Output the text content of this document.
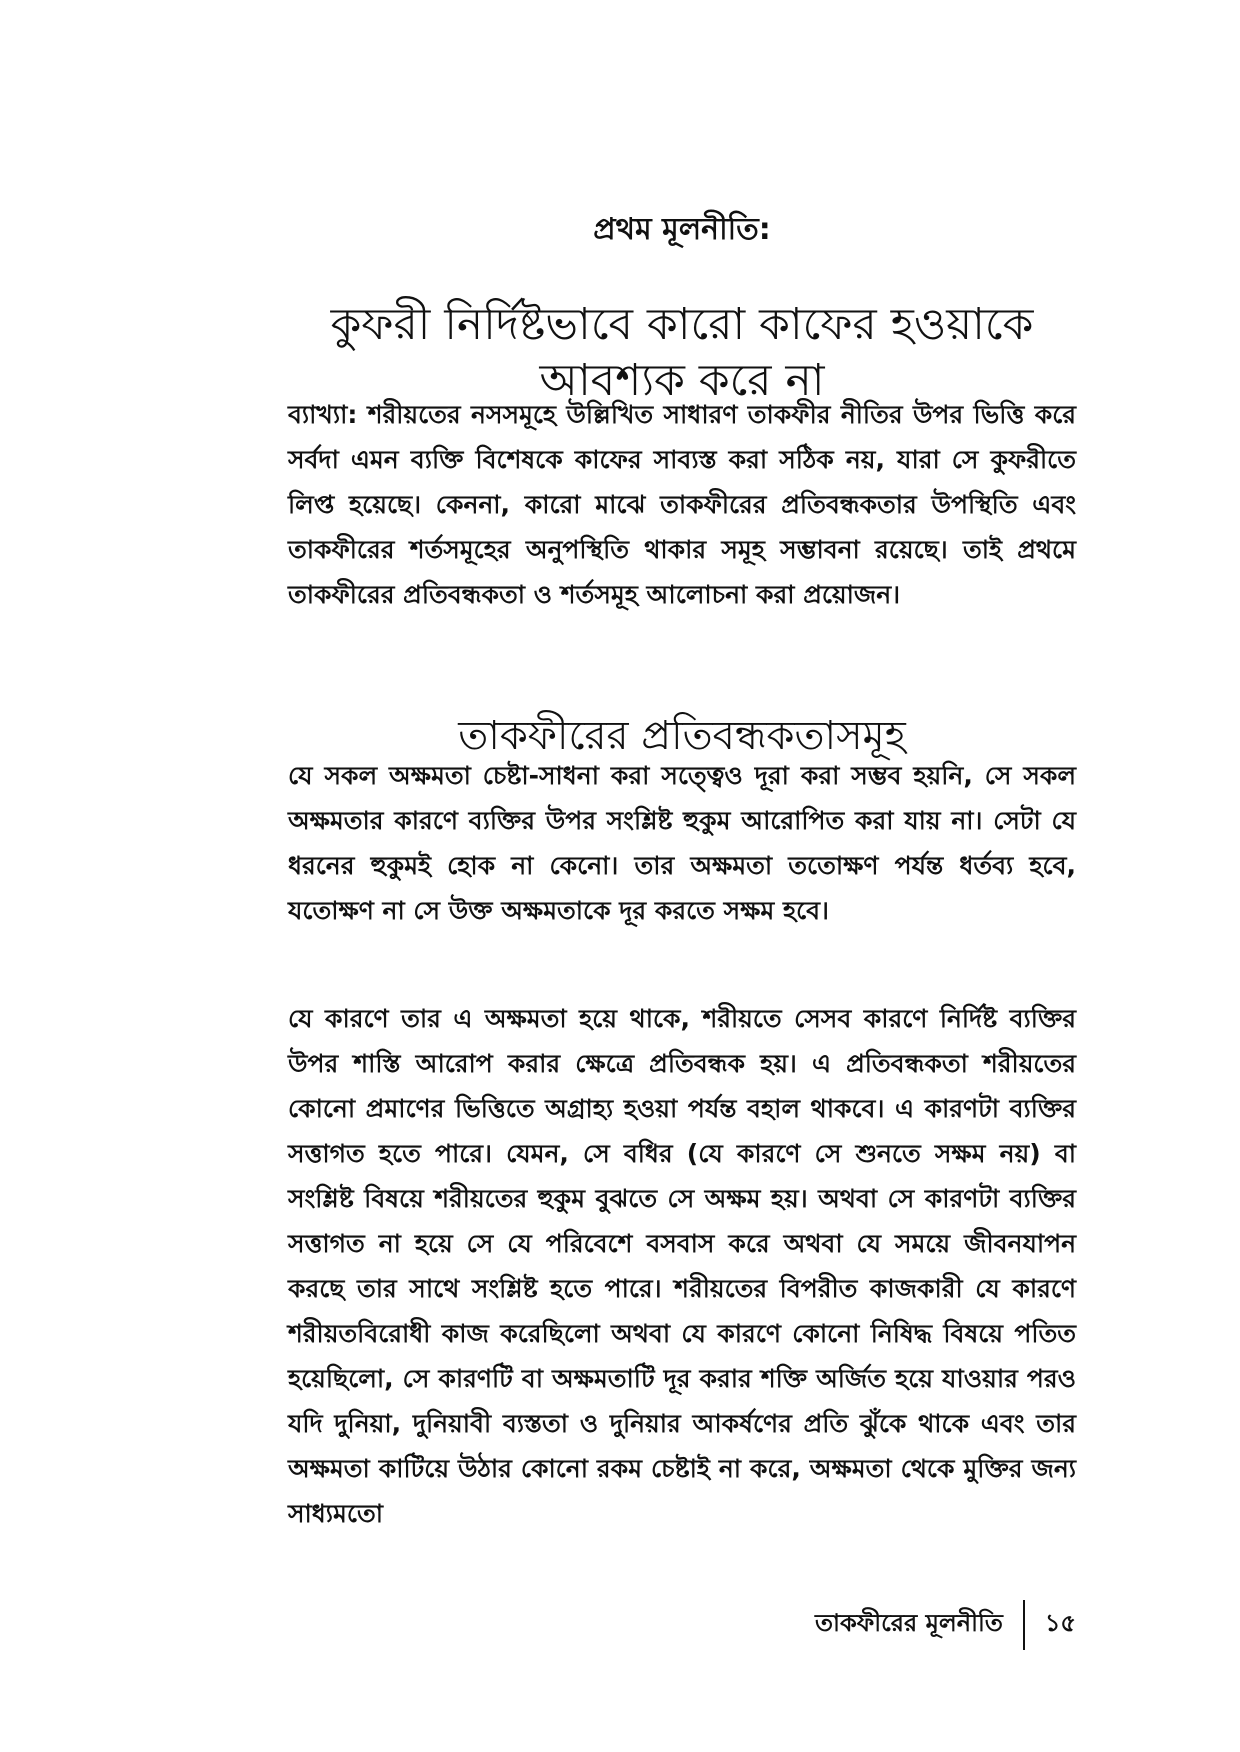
প্রথম মূলনীতি:
কুফরী নির্দিষ্টভাবে কারো কাফের হওয়াকে আবশ্যক করে না

ব্যাখ্যা: শরীয়তের নসসমূহে উল্লিখিত সাধারণ তাকফীর নীতির উপর ভিত্তি করে সর্বদা এমন ব্যক্তি বিশেষকে কাফের সাব্যস্ত করা সঠিক নয়, যারা সে কুফরীতে লিপ্ত হয়েছে। কেননা, কারো মাঝে তাকফীরের প্রতিবন্ধকতার উপস্থিতি এবং তাকফীরের শর্তসমূহের অনুপস্থিতি থাকার সমূহ সম্ভাবনা রয়েছে। তাই প্রথমে তাকফীরের প্রতিবন্ধকতা ও শর্তসমূহ আলোচনা করা প্রয়োজন।

তাকফীরের প্রতিবন্ধকতাসমূহ

যে সকল অক্ষমতা চেষ্টা-সাধনা করা সত্ত্বেও দূরা করা সম্ভব হয়নি, সে সকল অক্ষমতার কারণে ব্যক্তির উপর সংশ্লিষ্ট হুকুম আরোপিত করা যায় না। সেটা যে ধরনের হুকুমই হোক না কেনো। তার অক্ষমতা ততোক্ষণ পর্যন্ত ধর্তব্য হবে, যতোক্ষণ না সে উক্ত অক্ষমতাকে দূর করতে সক্ষম হবে।

যে কারণে তার এ অক্ষমতা হয়ে থাকে, শরীয়তে সেসব কারণে নির্দিষ্ট ব্যক্তির উপর শাস্তি আরোপ করার ক্ষেত্রে প্রতিবন্ধক হয়। এ প্রতিবন্ধকতা শরীয়তের কোনো প্রমাণের ভিত্তিতে অগ্রাহ্য হওয়া পর্যন্ত বহাল থাকবে। এ কারণটা ব্যক্তির সত্তাগত হতে পারে। যেমন, সে বধির (যে কারণে সে শুনতে সক্ষম নয়) বা সংশ্লিষ্ট বিষয়ে শরীয়তের হুকুম বুঝতে সে অক্ষম হয়। অথবা সে কারণটা ব্যক্তির সত্তাগত না হয়ে সে যে পরিবেশে বসবাস করে অথবা যে সময়ে জীবনযাপন করছে তার সাথে সংশ্লিষ্ট হতে পারে। শরীয়তের বিপরীত কাজকারী যে কারণে শরীয়তবিরোধী কাজ করেছিলো অথবা যে কারণে কোনো নিষিদ্ধ বিষয়ে পতিত হয়েছিলো, সে কারণটি বা অক্ষমতাটি দূর করার শক্তি অর্জিত হয়ে যাওয়ার পরও যদি দুনিয়া, দুনিয়াবী ব্যস্ততা ও দুনিয়ার আকর্ষণের প্রতি ঝুঁকে থাকে এবং তার অক্ষমতা কাটিয়ে উঠার কোনো রকম চেষ্টাই না করে, অক্ষমতা থেকে মুক্তির জন্য সাধ্যমতো

তাকফীরের মূলনীতি	১৫
